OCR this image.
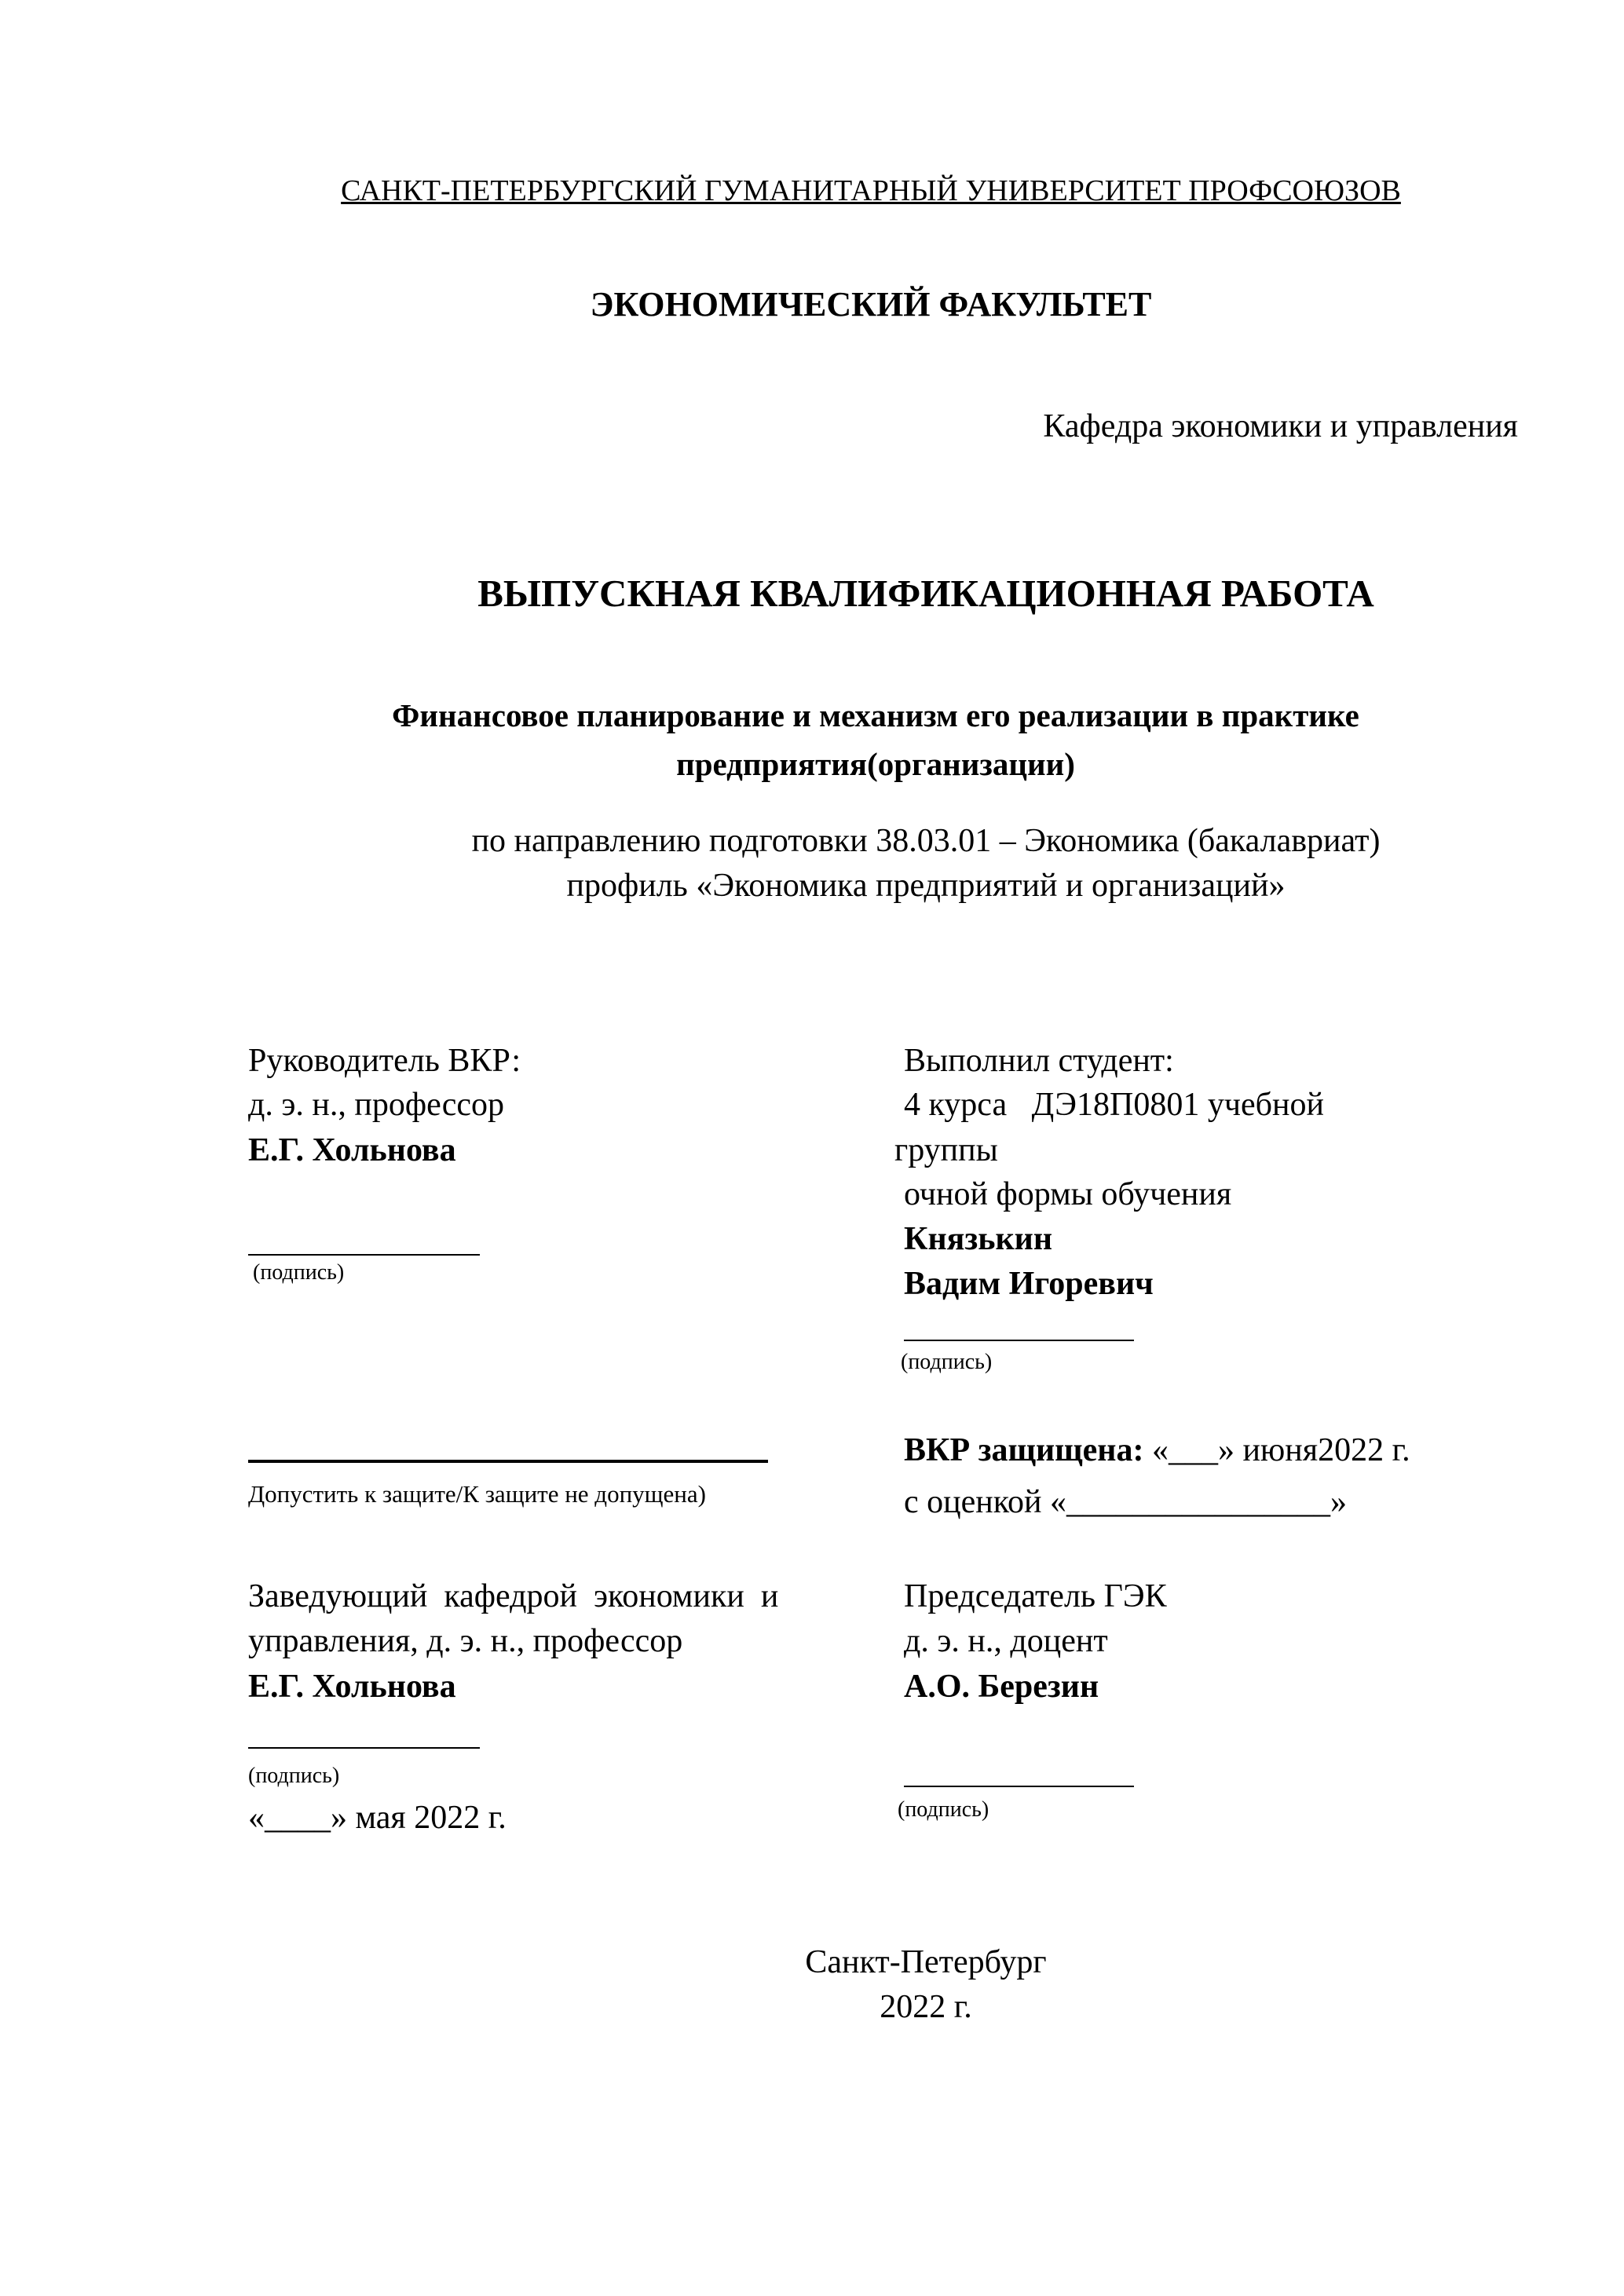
САНКТ-ПЕТЕРБУРГСКИЙ ГУМАНИТАРНЫЙ УНИВЕРСИТЕТ ПРОФСОЮЗОВ
ЭКОНОМИЧЕСКИЙ ФАКУЛЬТЕТ
Кафедра экономики и управления
ВЫПУСКНАЯ КВАЛИФИКАЦИОННАЯ РАБОТА
Финансовое планирование и механизм его реализации в практике
предприятия(организации)
по направлению подготовки 38.03.01 – Экономика (бакалавриат)
профиль «Экономика предприятий и организаций»
Руководитель ВКР:
д. э. н., профессор
Е.Г. Хольнова
(подпись)
Выполнил студент:
4 курса   ДЭ18П0801 учебной
группы
очной формы обучения
Князькин
Вадим Игоревич
(подпись)
Допустить к защите/К защите не допущена)
ВКР защищена: «___» июня2022 г.
с оценкой «________________»
Заведующий  кафедрой  экономики  и
управления, д. э. н., профессор
Е.Г. Хольнова
(подпись)
«____» мая 2022 г.
Председатель ГЭК
д. э. н., доцент
А.О. Березин
(подпись)
Санкт-Петербург
2022 г.
